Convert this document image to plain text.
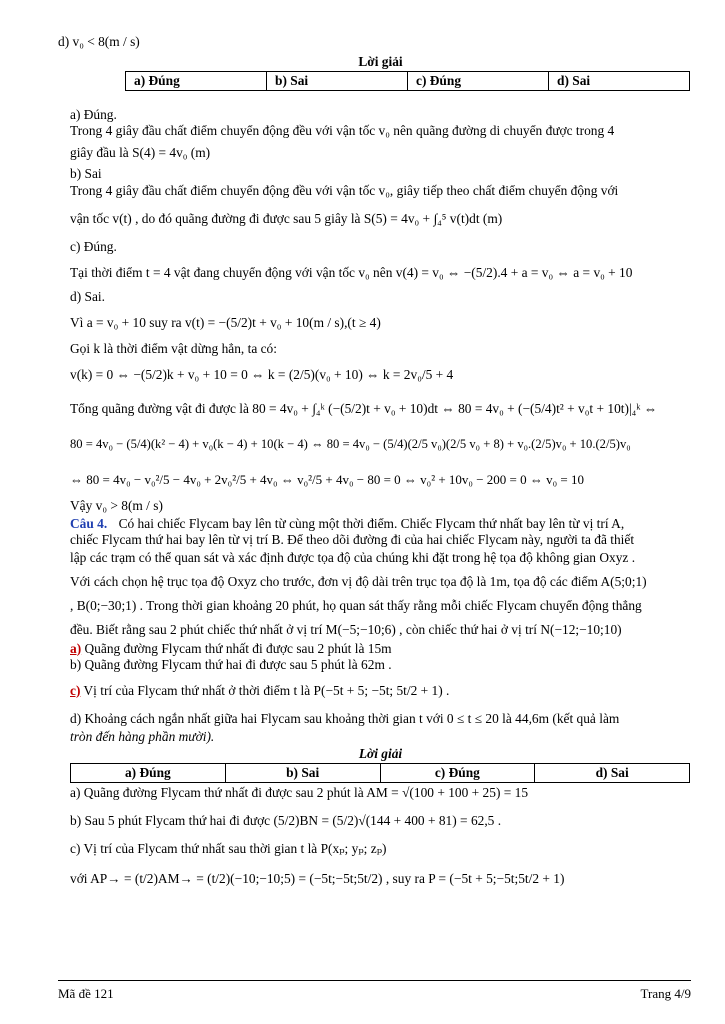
d) v₀ < 8(m / s)

Lời giải

a) Đúng	b) Sai	c) Đúng	d) Sai

a) Đúng.

Trong 4 giây đầu chất điểm chuyển động đều với vận tốc v₀ nên quãng đường di chuyển được trong 4

giây đầu là S(4) = 4v₀ (m)

b) Sai

Trong 4 giây đầu chất điểm chuyển động đều với vận tốc v₀, giây tiếp theo chất điểm chuyển động với

vận tốc v(t) , do đó quãng đường đi được sau 5 giây là S(5) = 4v₀ + ∫₄⁵ v(t)dt (m)

c) Đúng.

Tại thời điểm t = 4 vật đang chuyển động với vận tốc v₀ nên v(4) = v₀ ⇔ −(5/2).4 + a = v₀ ⇔ a = v₀ + 10

d) Sai.

Vì a = v₀ + 10 suy ra v(t) = −(5/2)t + v₀ + 10(m / s),(t ≥ 4)

Gọi k là thời điểm vật dừng hẳn, ta có:

v(k) = 0 ⇔ −(5/2)k + v₀ + 10 = 0 ⇔ k = (2/5)(v₀ + 10) ⇔ k = 2v₀/5 + 4

Tổng quãng đường vật đi được là 80 = 4v₀ + ∫₄ᵏ (−(5/2)t + v₀ + 10)dt ⇔ 80 = 4v₀ + (−(5/4)t² + v₀t + 10t)|₄ᵏ ⇔

80 = 4v₀ − (5/4)(k² − 4) + v₀(k − 4) + 10(k − 4) ⇔ 80 = 4v₀ − (5/4)(2/5 v₀)(2/5 v₀ + 8) + v₀.(2/5)v₀ + 10.(2/5)v₀

⇔ 80 = 4v₀ − v₀²/5 − 4v₀ + 2v₀²/5 + 4v₀ ⇔ v₀²/5 + 4v₀ − 80 = 0 ⇔ v₀² + 10v₀ − 200 = 0 ⇔ v₀ = 10

Vậy v₀ > 8(m / s)

Câu 4. Có hai chiếc Flycam bay lên từ cùng một thời điểm. Chiếc Flycam thứ nhất bay lên từ vị trí A,

chiếc Flycam thứ hai bay lên từ vị trí B. Để theo dõi đường đi của hai chiếc Flycam này, người ta đã thiết

lập các trạm có thể quan sát và xác định được tọa độ của chúng khi đặt trong hệ tọa độ không gian Oxyz .

Với cách chọn hệ trục tọa độ Oxyz cho trước, đơn vị độ dài trên trục tọa độ là 1m, tọa độ các điểm A(5;0;1)

, B(0;−30;1) . Trong thời gian khoảng 20 phút, họ quan sát thấy rằng mỗi chiếc Flycam chuyển động thẳng

đều. Biết rằng sau 2 phút chiếc thứ nhất ở vị trí M(−5;−10;6) , còn chiếc thứ hai ở vị trí N(−12;−10;10)

a) Quãng đường Flycam thứ nhất đi được sau 2 phút là 15m

b) Quãng đường Flycam thứ hai đi được sau 5 phút là 62m .

c) Vị trí của Flycam thứ nhất ở thời điểm t là P(−5t + 5; −5t; 5t/2 + 1) .

d) Khoảng cách ngắn nhất giữa hai Flycam sau khoảng thời gian t với 0 ≤ t ≤ 20 là 44,6m (kết quả làm

tròn đến hàng phần mười).

Lời giải

a) Đúng	b) Sai	c) Đúng	d) Sai

a) Quãng đường Flycam thứ nhất đi được sau 2 phút là AM = √(100 + 100 + 25) = 15

b) Sau 5 phút Flycam thứ hai đi được (5/2)BN = (5/2)√(144 + 400 + 81) = 62,5 .

c) Vị trí của Flycam thứ nhất sau thời gian t là P(xₚ; yₚ; zₚ)

với AP→ = (t/2)AM→ = (t/2)(−10;−10;5) = (−5t;−5t;5t/2) , suy ra P = (−5t + 5;−5t;5t/2 + 1)

Mã đề 121	Trang 4/9
